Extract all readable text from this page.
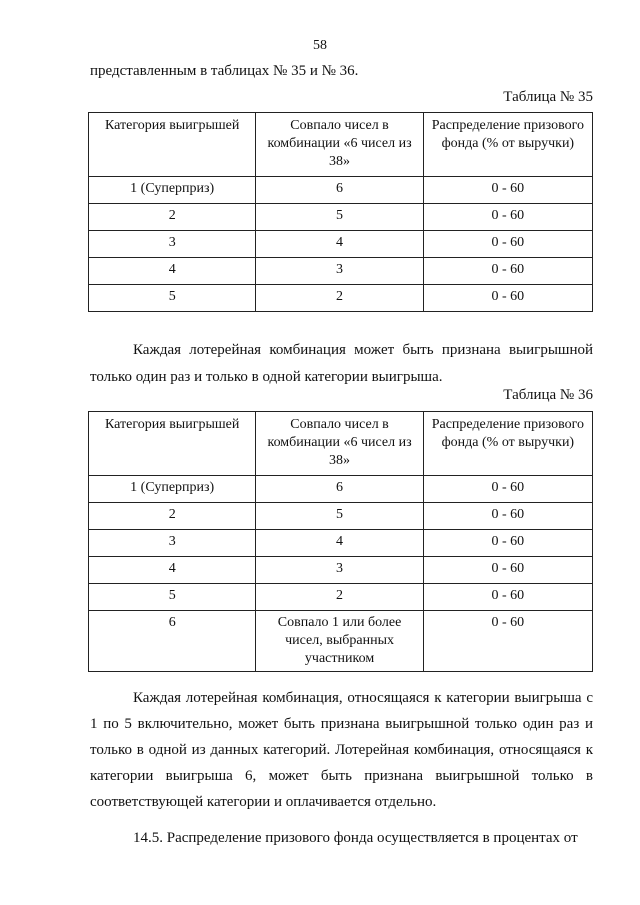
58
представленным в таблицах № 35 и № 36.
Таблица № 35
Категория выигрышей	Совпало чисел в комбинации «6 чисел из 38»	Распределение призового фонда (% от выручки)
1 (Суперприз)	6	0 - 60
2	5	0 - 60
3	4	0 - 60
4	3	0 - 60
5	2	0 - 60
Каждая лотерейная комбинация может быть признана выигрышной только один раз и только в одной категории выигрыша.
Таблица № 36
Категория выигрышей	Совпало чисел в комбинации «6 чисел из 38»	Распределение призового фонда (% от выручки)
1 (Суперприз)	6	0 - 60
2	5	0 - 60
3	4	0 - 60
4	3	0 - 60
5	2	0 - 60
6	Совпало 1 или более чисел, выбранных участником	0 - 60
Каждая лотерейная комбинация, относящаяся к категории выигрыша с 1 по 5 включительно, может быть признана выигрышной только один раз и только в одной из данных категорий. Лотерейная комбинация, относящаяся к категории выигрыша 6, может быть признана выигрышной только в соответствующей категории и оплачивается отдельно.
14.5. Распределение призового фонда осуществляется в процентах от
